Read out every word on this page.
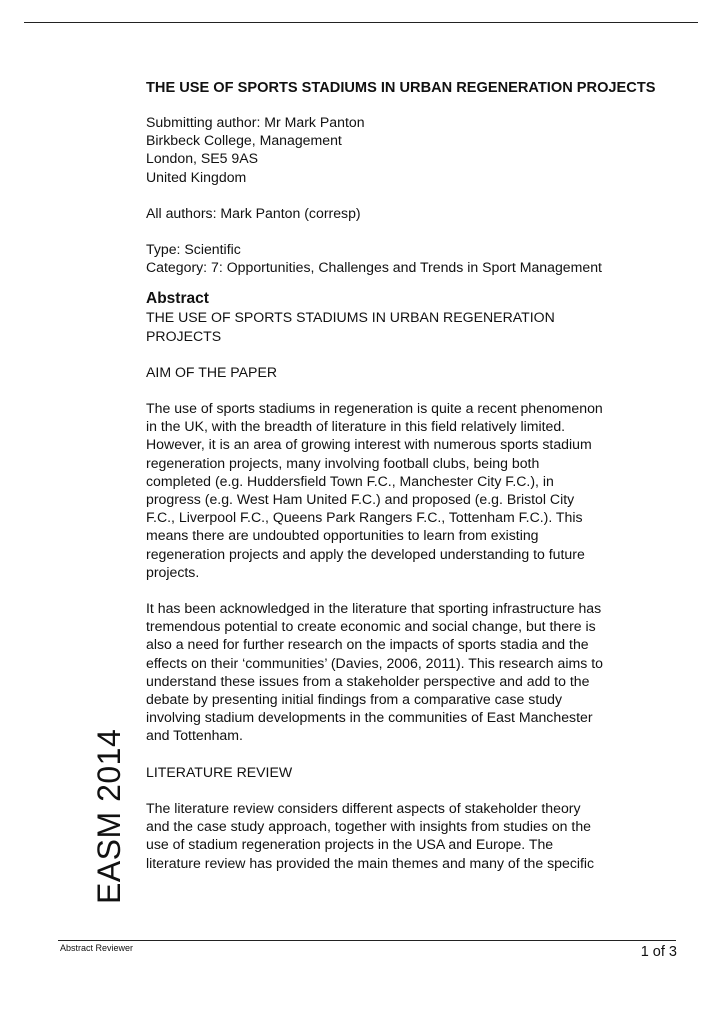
THE USE OF SPORTS STADIUMS IN URBAN REGENERATION PROJECTS
Submitting author: Mr Mark Panton
Birkbeck College, Management
London, SE5 9AS
United Kingdom
All authors: Mark Panton (corresp)
Type: Scientific
Category: 7: Opportunities, Challenges and Trends in Sport Management
Abstract
THE USE OF SPORTS STADIUMS IN URBAN REGENERATION
PROJECTS
AIM OF THE PAPER
The use of sports stadiums in regeneration is quite a recent phenomenon
in the UK, with the breadth of literature in this field relatively limited.
However, it is an area of growing interest with numerous sports stadium
regeneration projects, many involving football clubs, being both
completed (e.g. Huddersfield Town F.C., Manchester City F.C.), in
progress (e.g. West Ham United F.C.) and proposed (e.g. Bristol City
F.C., Liverpool F.C., Queens Park Rangers F.C., Tottenham F.C.). This
means there are undoubted opportunities to learn from existing
regeneration projects and apply the developed understanding to future
projects.
It has been acknowledged in the literature that sporting infrastructure has
tremendous potential to create economic and social change, but there is
also a need for further research on the impacts of sports stadia and the
effects on their ‘communities’ (Davies, 2006, 2011). This research aims to
understand these issues from a stakeholder perspective and add to the
debate by presenting initial findings from a comparative case study
involving stadium developments in the communities of East Manchester
and Tottenham.
LITERATURE REVIEW
The literature review considers different aspects of stakeholder theory
and the case study approach, together with insights from studies on the
use of stadium regeneration projects in the USA and Europe. The
literature review has provided the main themes and many of the specific
EASM 2014
Abstract Reviewer	1 of 3
